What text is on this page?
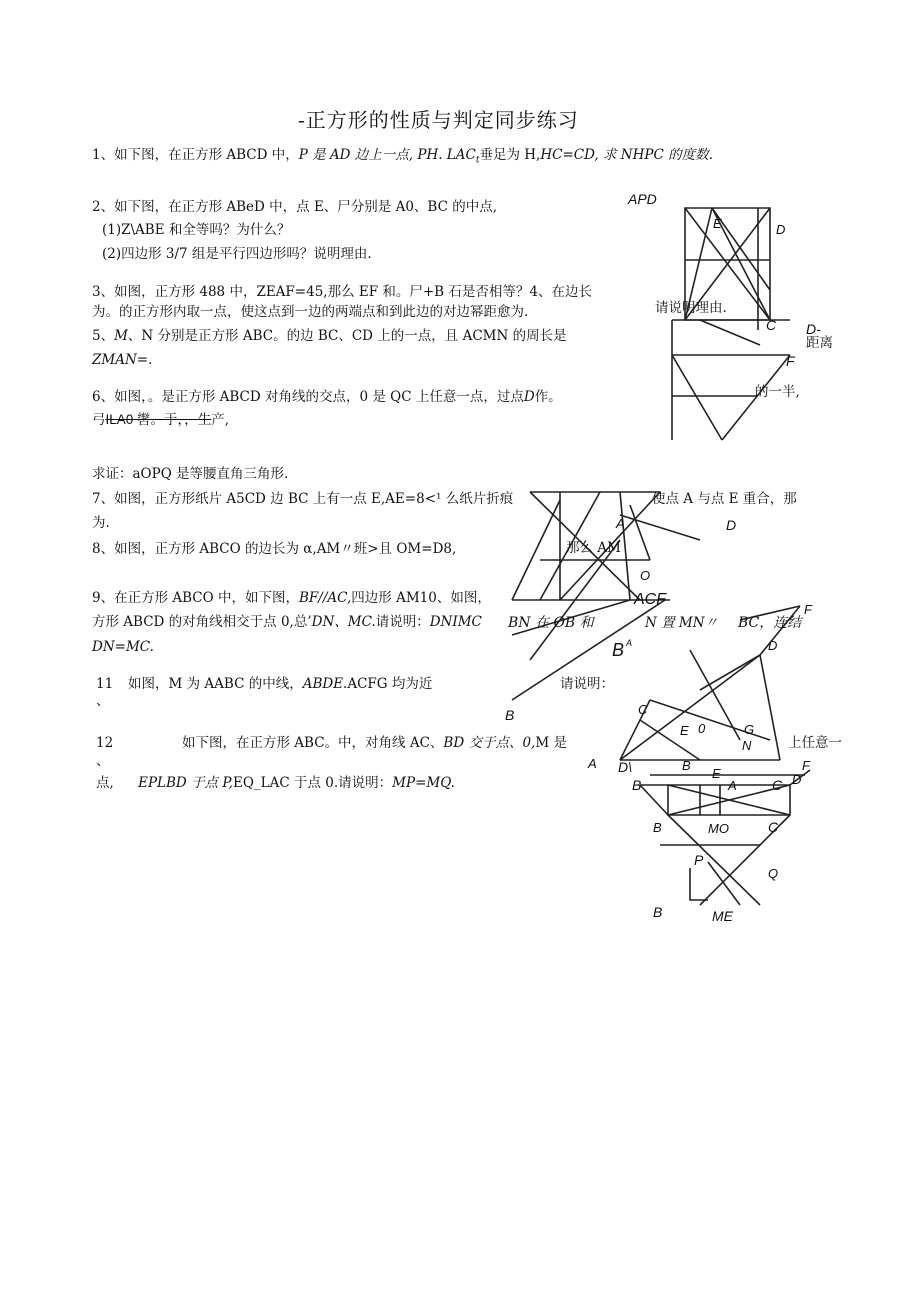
-正方形的性质与判定同步练习
1、如下图，在正方形 ABCD 中，P 是 AD 边上一点, PH. $LAC_t$垂足为 H,HC=CD, 求 NHPC 的度数.
2、如下图，在正方形 ABeD 中，点 E、尸分别是 A0、BC 的中点,
(1)Z\ABE 和全等吗？为什么？
(2)四边形 3/7 组是平行四边形吗？说明理由.
3、如图，正方形 488 中，ZEAF=45,那么 EF 和。尸+B 石是否相等？4、在边长
为。的正方形内取一点，使这点到一边的两端点和到此边的对边幂距愈为.
5、M、N 分别是正方形 ABC。的边 BC、CD 上的一点，且 ACMN 的周长是
ZMAN=.
6、如图，。是正方形 ABCD 对角线的交点，0 是 QC 上任意一点，过点D作。
弓ILA0 辔。于，，生产,
求证：aOPQ 是等腰直角三角形.
7、如图，正方形纸片 A5CD 边 BC 上有一点 E,AE=8<¹ 么纸片折痕	使点 A 与点 E 重合，那
为.
8、如图，正方形 ABCO 的边长为 α,AM〃班>且 OM=D8,
9、在正方形 ABCO 中，如下图，BF//AC,四边形 AM10、如图，
方形 ABCD 的对角线相交于点 0,总’DN、MC.请说明：DNIMC
DN=MC.
11
、
如图，M 为 AABC 的中线，ABDE.ACFG 均为近	请说明：
12
、
如下图，在正方形 ABC。中，对角线 AC、BD 交于点、0,M 是	上任意一
点, EPLBD 于点 P,EQ_LAC 于点 0.请说明：MP=MQ.
APD
E	D
C D-
F
请说明理由.
距离
的一半,
D
A
那么 AM
O
ACF
BN 在 OB 和	N 置 MN〃 BC，连结
F
B A	D
B	C
0
E	G
N
A D\	B
E
A	C D
F
B
MO	C
B
P
Q
B	ME
